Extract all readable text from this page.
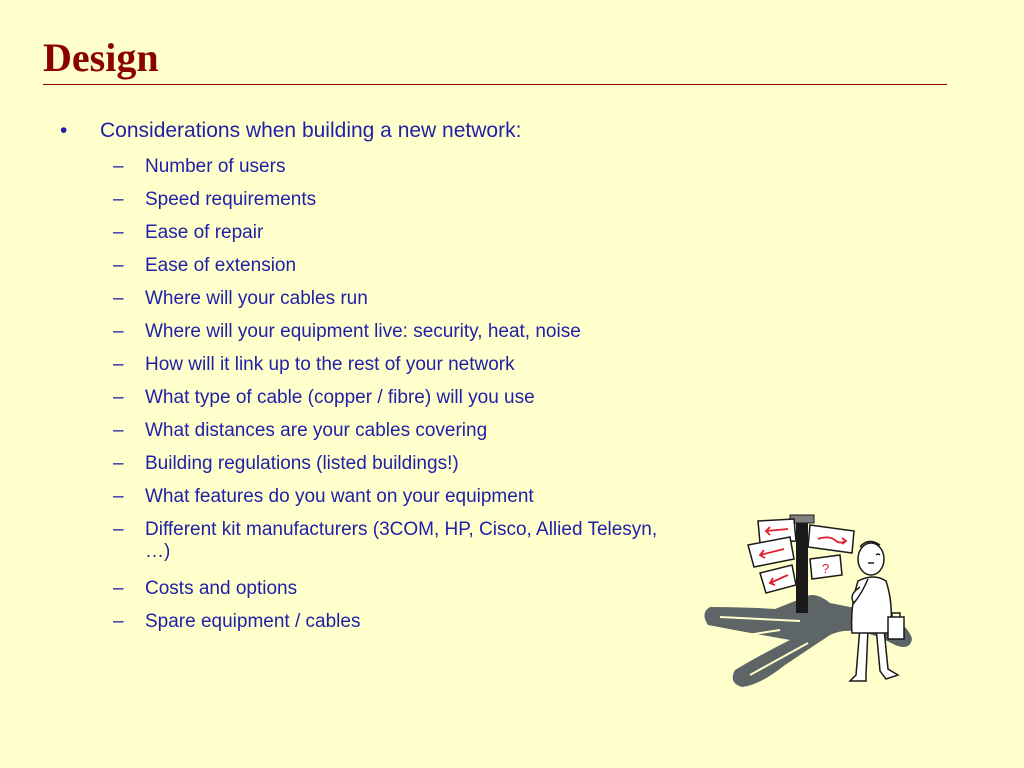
Design
• Considerations when building a new network:
– Number of users
– Speed requirements
– Ease of repair
– Ease of extension
– Where will your cables run
– Where will your equipment live: security, heat, noise
– How will it link up to the rest of your network
– What type of cable (copper / fibre) will you use
– What distances are your cables covering
– Building regulations (listed buildings!)
– What features do you want on your equipment
– Different kit manufacturers (3COM, HP, Cisco, Allied Telesyn, …)
– Costs and options
– Spare equipment / cables
?
